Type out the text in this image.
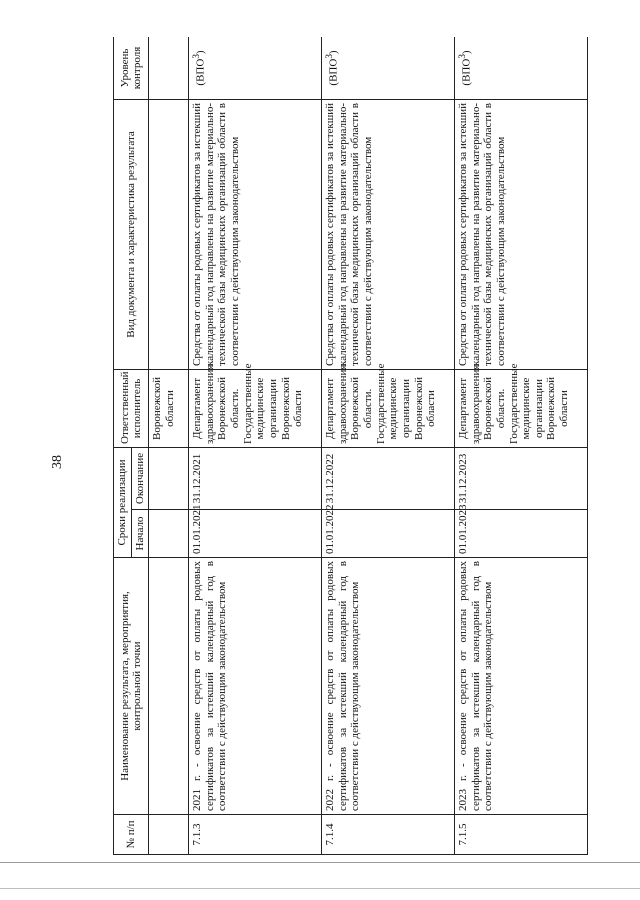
38
№ п/п	Наименование результата, мероприятия, контрольной точки	Сроки реализации		Ответственный исполнитель	Вид документа и характеристика результата	Уровень контроля
		Начало	Окончание			
				Воронежской области		
7.1.3	2021 г. - освоение средств от оплаты родовых сертификатов за истекший календарный год в соответствии с действующим законодательством	01.01.2021	31.12.2021	Департамент здравоохранения Воронежской области. Государственные медицинские организации Воронежской области	Средства от оплаты родовых сертификатов за истекший календарный год направлены на развитие материально-технической базы медицинских организаций области в соответствии с действующим законодательством	(ВПО$^3$)
7.1.4	2022 г. - освоение средств от оплаты родовых сертификатов за истекший календарный год в соответствии с действующим законодательством	01.01.2022	31.12.2022	Департамент здравоохранения Воронежской области. Государственные медицинские организации Воронежской области	Средства от оплаты родовых сертификатов за истекший календарный год направлены на развитие материально-технической базы медицинских организаций области в соответствии с действующим законодательством	(ВПО$^3$)
7.1.5	2023 г. - освоение средств от оплаты родовых сертификатов за истекший календарный год в соответствии с действующим законодательством	01.01.2023	31.12.2023	Департамент здравоохранения Воронежской области. Государственные медицинские организации Воронежской области	Средства от оплаты родовых сертификатов за истекший календарный год направлены на развитие материально-технической базы медицинских организаций области в соответствии с действующим законодательством	(ВПО$^3$)
